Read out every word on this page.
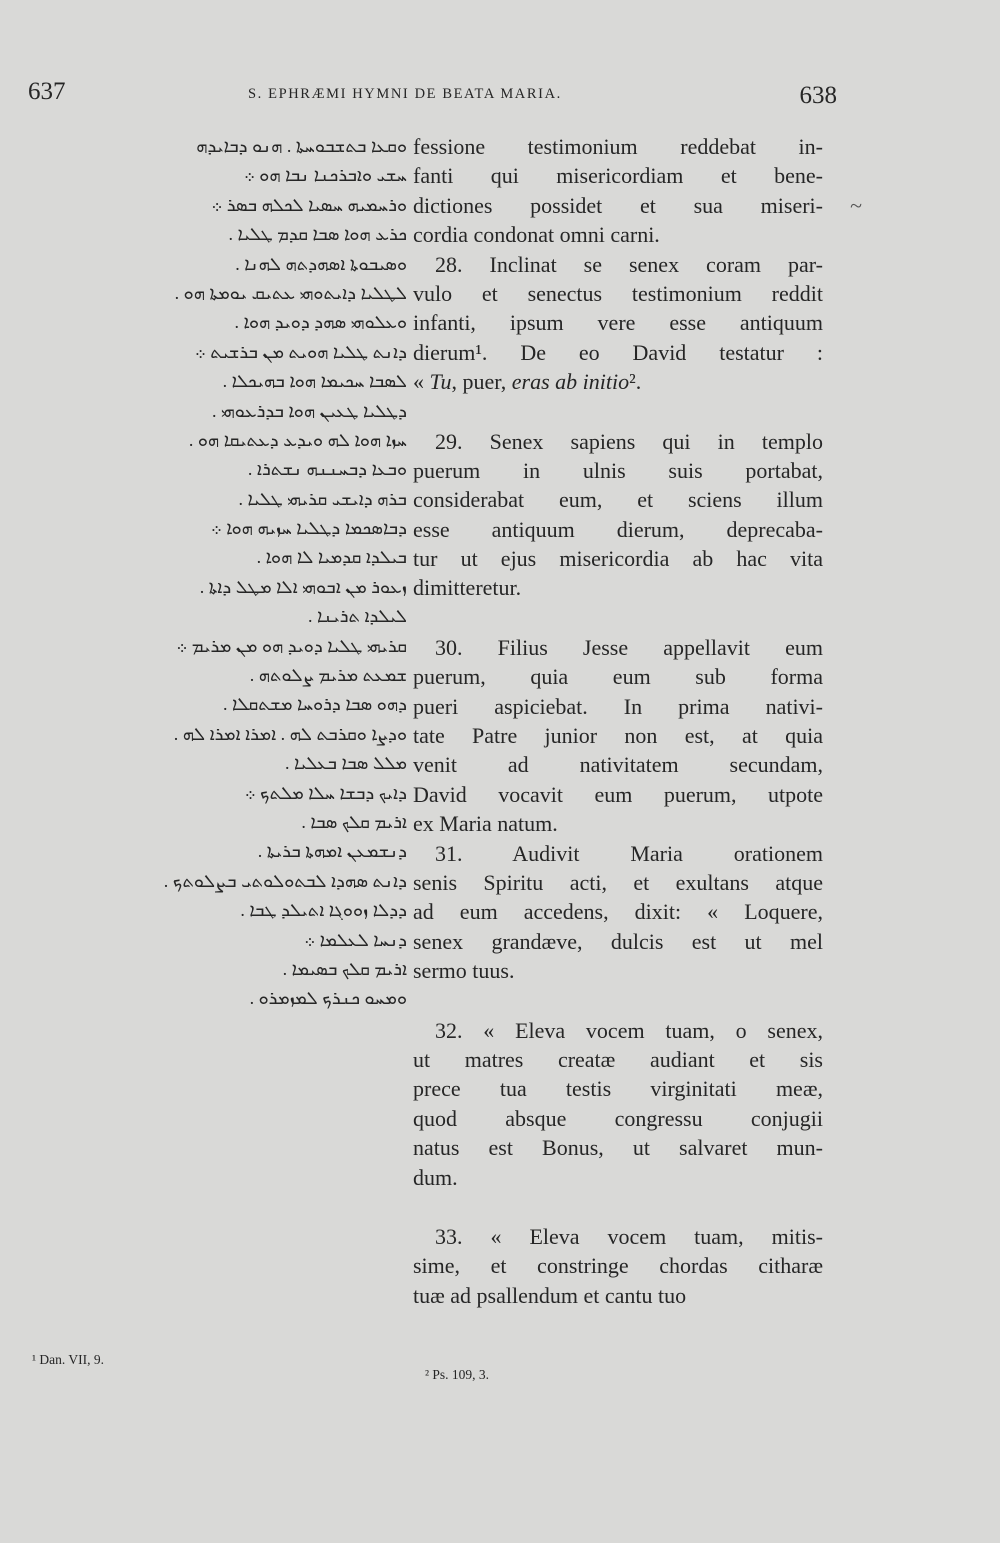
637	S. EPHRÆMI HYMNI DE BEATA MARIA.	638
ܘܩܥܐ ܒܬܫܒܘܚܬܐ . ܗܢܘ ܕܒܐܝܕܗ
ܚܫܝ ܘܐܒܪܟܢܐ ܢܒܐ ܗܘ ܀
ܘܪܚܡܝܗ ܚܣܝܐ ܠܟܠܗ ܒܣܪ ܀
ܟܪܥ ܗܘܐ ܣܒܐ ܩܕܡ ܛܠܝܐ .
ܘܣܝܒܘܬܐ ܐܣܗܕܬܗ ܠܗܢܐ .
ܠܛܠܝܐ ܕܐܝܬܘܗܝ ܥܬܝܩ ܝܘܡܬܐ ܗܘ .
ܘܥܠܘܗܝ ܣܗܕ ܕܘܝܕ ܗܘܐ .
ܕܐܢܬ ܛܠܝܐ ܗܘܝܬ ܡܢ ܒܪܫܝܬ ܀
ܠܣܒܐ ܚܟܝܡܐ ܗܘܐ ܒܗܝܟܠܐ .
ܕܛܠܝܐ ܛܥܝܢ ܗܘܐ ܒܕܪܥܘܗܝ .
ܚܙܐ ܗܘܐ ܠܗ ܘܝܕܥ ܕܥܬܝܩܐ ܗܘ .
ܘܒܥܐ ܕܒܚܢܢܗ ܢܫܬܪܐ .
ܒܪܗ ܕܐܝܫܝ ܩܪܝܗܝ ܛܠܝܐ .
ܕܒܐܣܟܡܐ ܕܛܠܝܐ ܚܙܝܗ ܗܘܐ ܀
ܒܝܠܕܐ ܩܕܡܝܐ ܠܐ ܗܘܐ .
ܙܥܘܪ ܡܢ ܐܒܘܗܝ ܐܠܐ ܡܛܠ ܕܐܬܐ .
ܠܝܠܕܐ ܬܪܝܢܐ .
ܩܪܝܗܝ ܛܠܝܐ ܕܘܝܕ ܗܘ ܡܢ ܡܪܝܡ ܀
ܫܡܥܬ ܡܪܝܡ ܨܠܘܬܗ .
ܕܗܘ ܣܒܐ ܕܪܘܚܐ ܡܫܬܩܠܐ .
ܘܕܨܐ ܘܩܪܒܬ ܠܗ . ܐܡܪܐ ܐܡܪܐ ܠܗ .
ܡܠܠ ܣܒܐ ܒܥܠܝܐ .
ܕܐܝܟ ܕܒܫܐ ܚܠܐ ܡܠܬܟ ܀
ܐܪܝܡ ܩܠܟ ܣܒܐ .
ܕܢܫܡܥܢ ܐܡܗܬܐ ܒܪܝܬܐ .
ܕܐܢܬ ܣܗܕܐ ܠܒܬܘܠܘܬܝ ܒܨܠܘܬܟ .
ܕܕܠܐ ܙܘܘܓܐ ܐܬܝܠܕ ܛܒܐ .
ܕܢܚܐ ܠܥܠܡܐ ܀
ܐܪܝܡ ܩܠܟ ܒܣܝܡܐ .
ܘܡܚܘ ܟܢܪܟ ܠܡܙܡܪܘ .
fessione testimonium reddebat in-
fanti qui misericordiam et bene-
dictiones possidet et sua miseri-
cordia condonat omni carni.
28. Inclinat se senex coram par-
vulo et senectus testimonium reddit
infanti, ipsum vere esse antiquum
dierum¹. De eo David testatur :
« Tu, puer, eras ab initio².
29. Senex sapiens qui in templo
puerum in ulnis suis portabat,
considerabat eum, et sciens illum
esse antiquum dierum, deprecaba-
tur ut ejus misericordia ab hac vita
dimitteretur.
30. Filius Jesse appellavit eum
puerum, quia eum sub forma
pueri aspiciebat. In prima nativi-
tate Patre junior non est, at quia
venit ad nativitatem secundam,
David vocavit eum puerum, utpote
ex Maria natum.
31. Audivit Maria orationem
senis Spiritu acti, et exultans atque
ad eum accedens, dixit: « Loquere,
senex grandæve, dulcis est ut mel
sermo tuus.
32. « Eleva vocem tuam, o senex,
ut matres creatæ audiant et sis
prece tua testis virginitati meæ,
quod absque congressu conjugii
natus est Bonus, ut salvaret mun-
dum.
33. « Eleva vocem tuam, mitis-
sime, et constringe chordas citharæ
tuæ ad psallendum et cantu tuo
~
¹ Dan. VII, 9.
² Ps. 109, 3.
